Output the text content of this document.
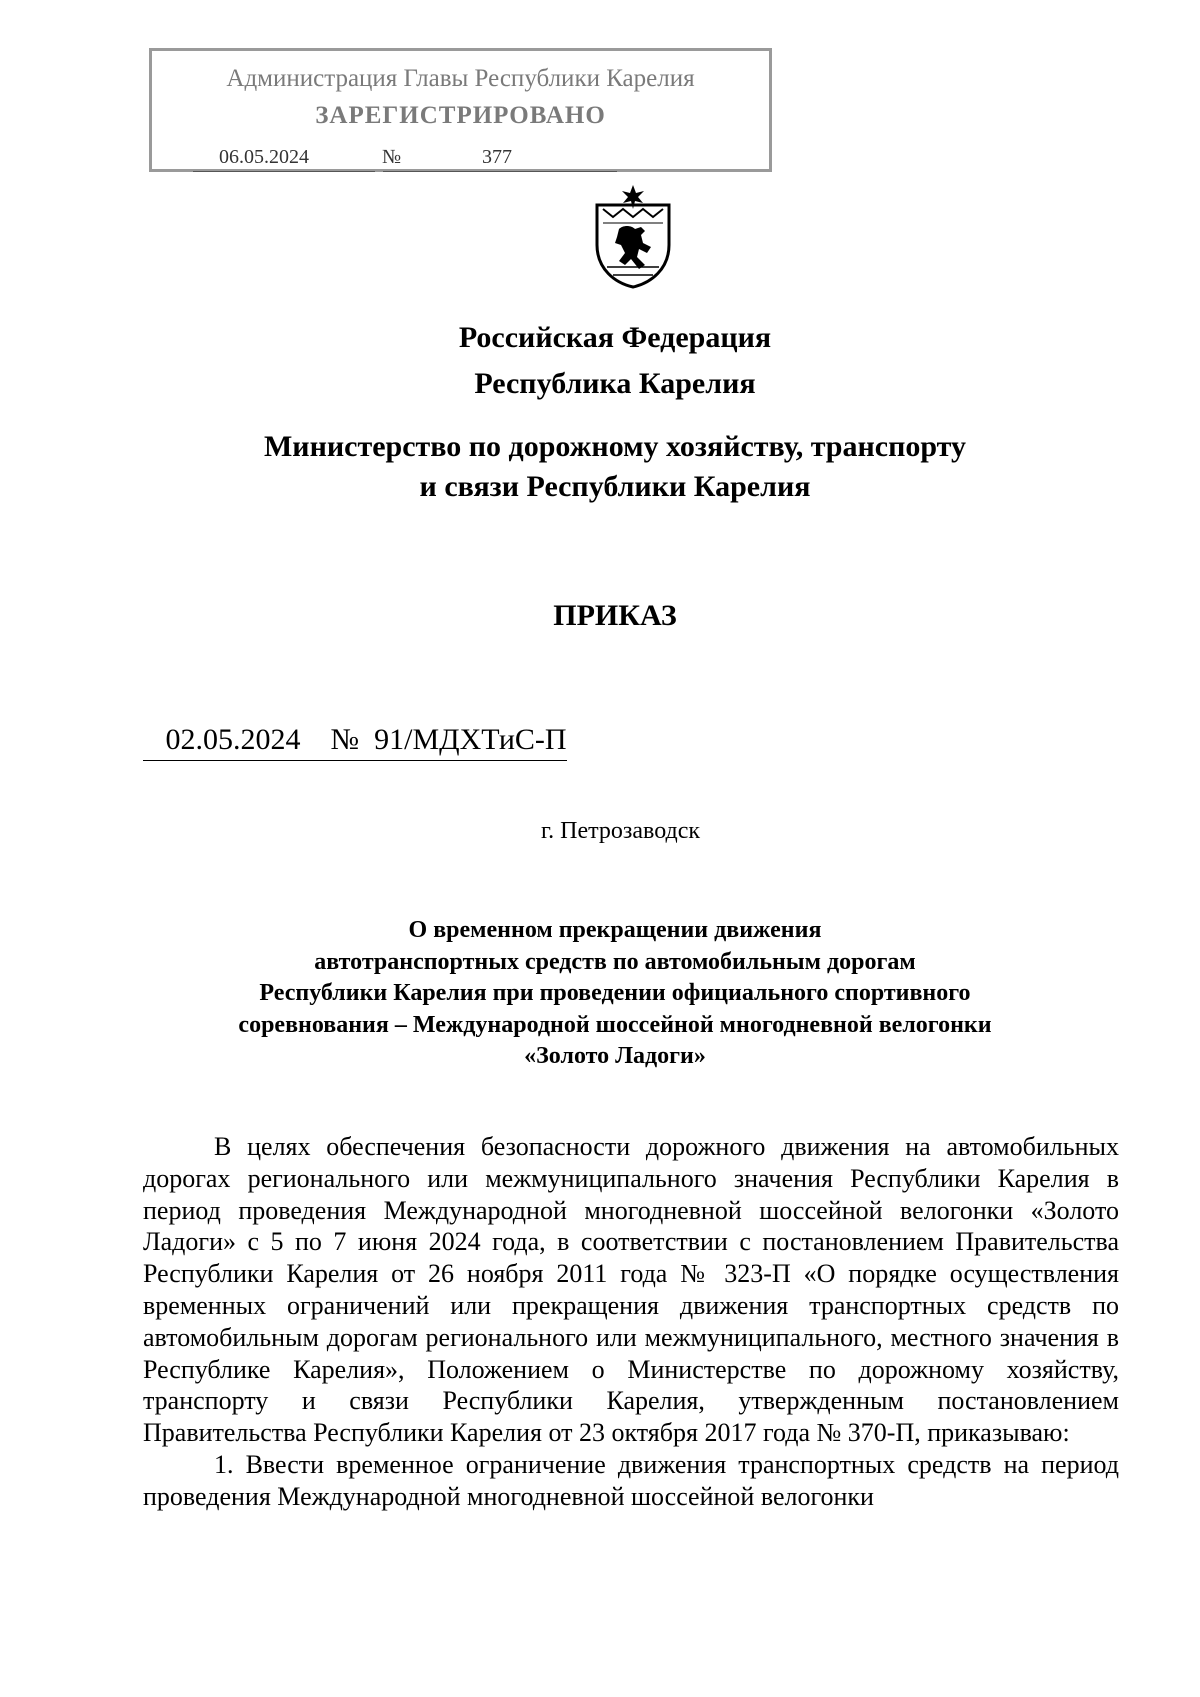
Администрация Главы Республики Карелия
ЗАРЕГИСТРИРОВАНО
06.05.2024	№	377
Российская Федерация
Республика Карелия
Министерство по дорожному хозяйству, транспорту
и связи Республики Карелия
ПРИКАЗ
02.05.2024 № 91/МДХТиС-П
г. Петрозаводск
О временном прекращении движения
автотранспортных средств по автомобильным дорогам
Республики Карелия при проведении официального спортивного
соревнования – Международной шоссейной многодневной велогонки
«Золото Ладоги»

В целях обеспечения безопасности дорожного движения на автомобильных дорогах регионального или межмуниципального значения Республики Карелия в период проведения Международной многодневной шоссейной велогонки «Золото Ладоги» с 5 по 7 июня 2024 года, в соответствии с постановлением Правительства Республики Карелия от 26 ноября 2011 года № 323-П «О порядке осуществления временных ограничений или прекращения движения транспортных средств по автомобильным дорогам регионального или межмуниципального, местного значения в Республике Карелия», Положением о Министерстве по дорожному хозяйству, транспорту и связи Республики Карелия, утвержденным постановлением Правительства Республики Карелия от 23 октября 2017 года № 370-П, приказываю:

1. Ввести временное ограничение движения транспортных средств на период проведения Международной многодневной шоссейной велогонки
